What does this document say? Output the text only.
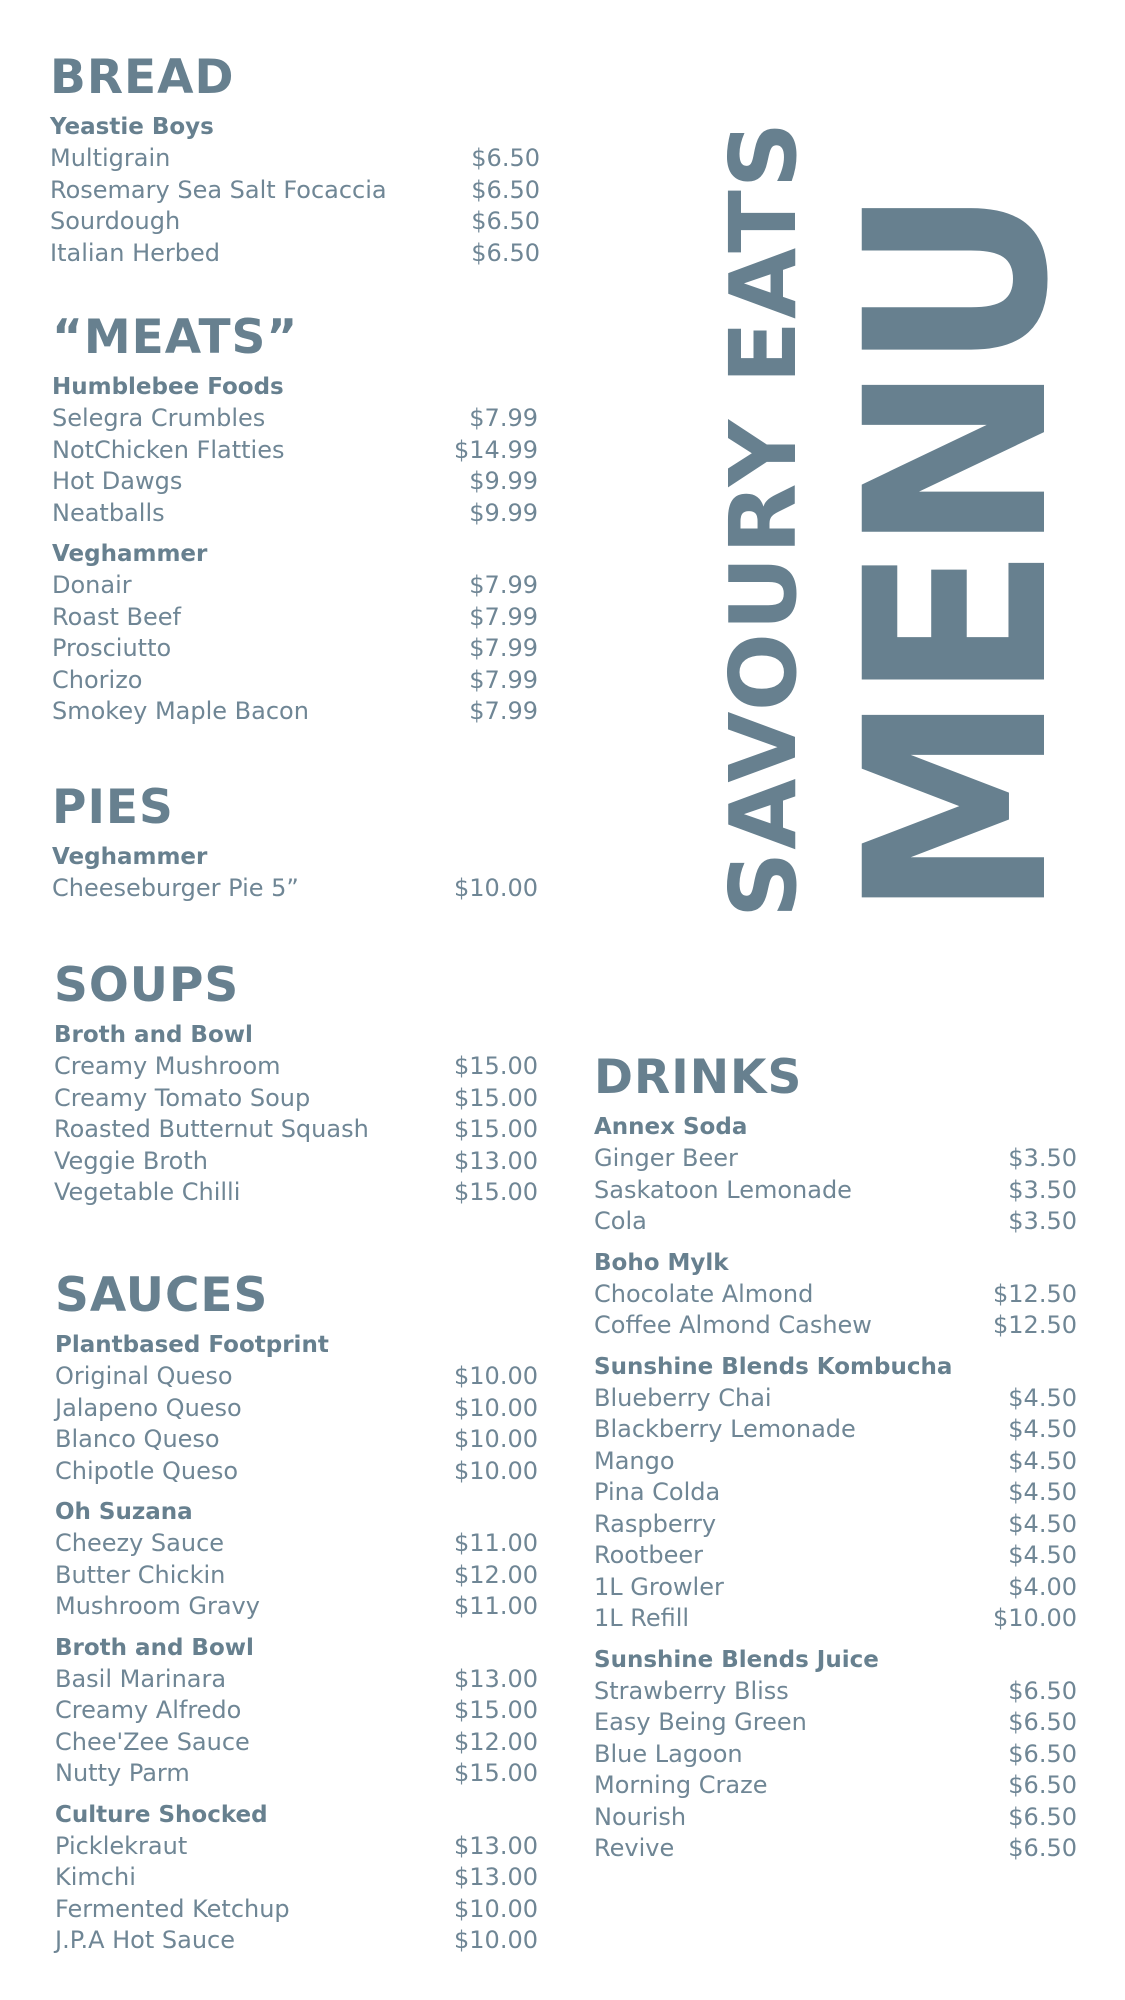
SAVOURY EATS
MENU
BREAD
Yeastie Boys
Multigrain	$6.50
Rosemary Sea Salt Focaccia	$6.50
Sourdough	$6.50
Italian Herbed	$6.50
“MEATS”
Humblebee Foods
Selegra Crumbles	$7.99
NotChicken Flatties	$14.99
Hot Dawgs	$9.99
Neatballs	$9.99
Veghammer
Donair	$7.99
Roast Beef	$7.99
Prosciutto	$7.99
Chorizo	$7.99
Smokey Maple Bacon	$7.99
PIES
Veghammer
Cheeseburger Pie 5”	$10.00
SOUPS
Broth and Bowl
Creamy Mushroom	$15.00
Creamy Tomato Soup	$15.00
Roasted Butternut Squash	$15.00
Veggie Broth	$13.00
Vegetable Chilli	$15.00
SAUCES
Plantbased Footprint
Original Queso	$10.00
Jalapeno Queso	$10.00
Blanco Queso	$10.00
Chipotle Queso	$10.00
Oh Suzana
Cheezy Sauce	$11.00
Butter Chickin	$12.00
Mushroom Gravy	$11.00
Broth and Bowl
Basil Marinara	$13.00
Creamy Alfredo	$15.00
Chee'Zee Sauce	$12.00
Nutty Parm	$15.00
Culture Shocked
Picklekraut	$13.00
Kimchi	$13.00
Fermented Ketchup	$10.00
J.P.A Hot Sauce	$10.00
DRINKS
Annex Soda
Ginger Beer	$3.50
Saskatoon Lemonade	$3.50
Cola	$3.50
Boho Mylk
Chocolate Almond	$12.50
Coffee Almond Cashew	$12.50
Sunshine Blends Kombucha
Blueberry Chai	$4.50
Blackberry Lemonade	$4.50
Mango	$4.50
Pina Colda	$4.50
Raspberry	$4.50
Rootbeer	$4.50
1L Growler	$4.00
1L Refill	$10.00
Sunshine Blends Juice
Strawberry Bliss	$6.50
Easy Being Green	$6.50
Blue Lagoon	$6.50
Morning Craze	$6.50
Nourish	$6.50
Revive	$6.50
